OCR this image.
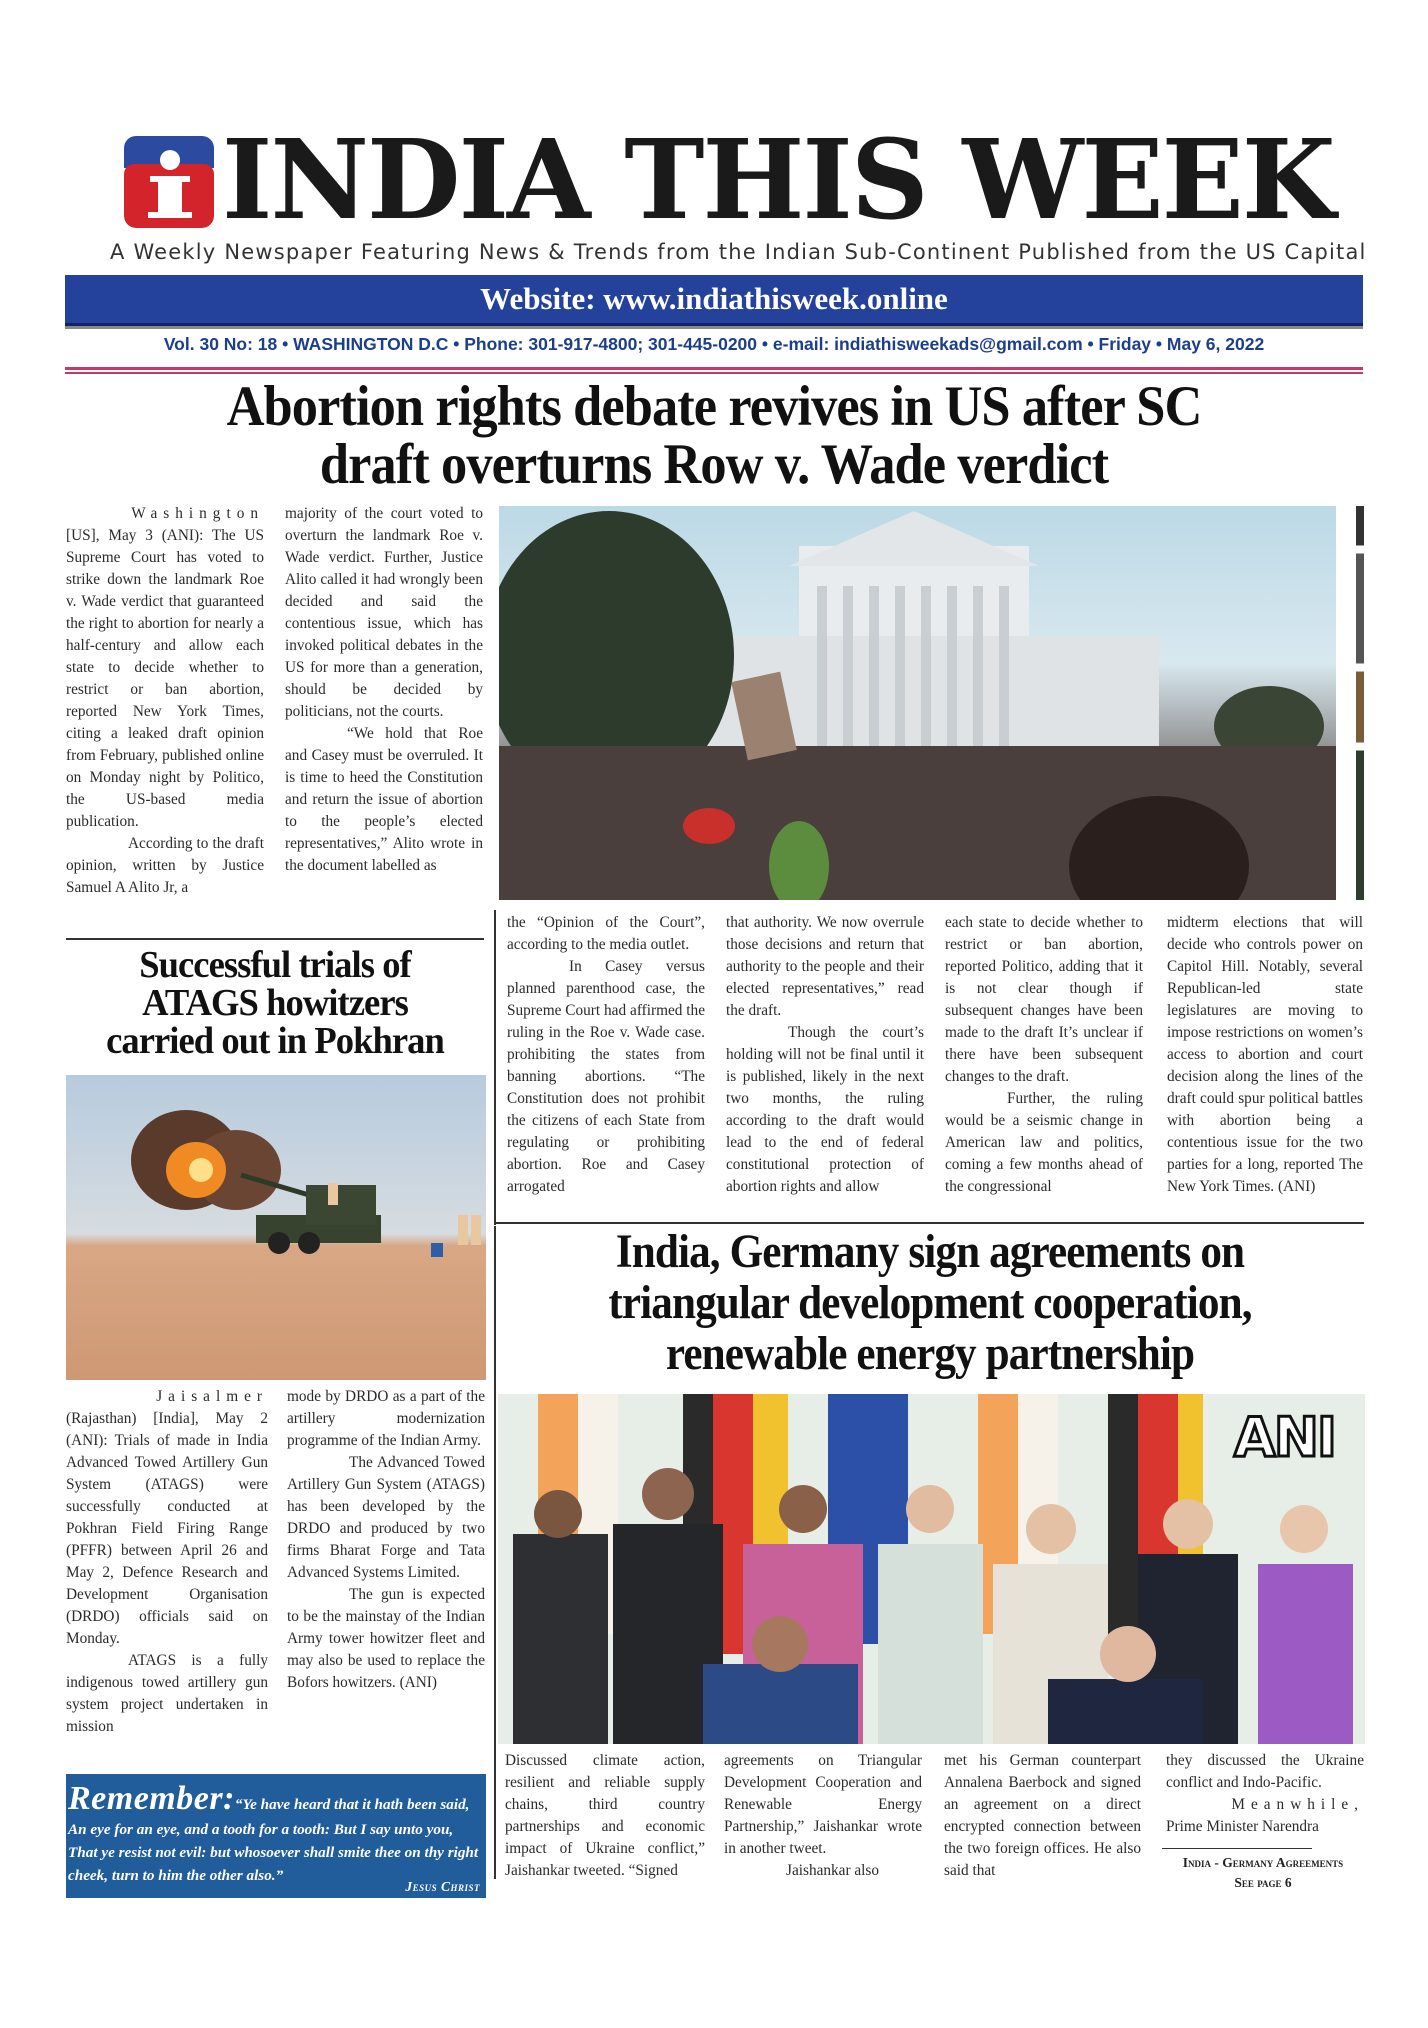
INDIA THIS WEEK
A Weekly Newspaper Featuring News & Trends from the Indian Sub-Continent Published from the US Capital
Website: www.indiathisweek.online
Vol. 30 No: 18 • WASHINGTON D.C • Phone: 301-917-4800; 301-445-0200 • e-mail: indiathisweekads@gmail.com • Friday • May 6, 2022
Abortion rights debate revives in US after SC
draft overturns Row v. Wade verdict

Washington

[US], May 3 (ANI): The US Supreme Court has voted to strike down the landmark Roe v. Wade verdict that guaranteed the right to abortion for nearly a half-century and allow each state to decide whether to restrict or ban abortion, reported New York Times, citing a leaked draft opinion from February, published online on Monday night by Politico, the US-based media publication.

According to the draft opinion, written by Justice Samuel A Alito Jr, a

majority of the court voted to overturn the landmark Roe v. Wade verdict. Further, Justice Alito called it had wrongly been decided and said the contentious issue, which has invoked political debates in the US for more than a generation, should be decided by politicians, not the courts.

“We hold that Roe and Casey must be overruled. It is time to heed the Constitution and return the issue of abortion to the people’s elected representatives,” Alito wrote in the document labelled as

the “Opinion of the Court”, according to the media outlet.

In Casey versus planned parenthood case, the Supreme Court had affirmed the ruling in the Roe v. Wade case. prohibiting the states from banning abortions. “The Constitution does not prohibit the citizens of each State from regulating or prohibiting abortion. Roe and Casey arrogated

that authority. We now overrule those decisions and return that authority to the people and their elected representatives,” read the draft.

Though the court’s holding will not be final until it is published, likely in the next two months, the ruling according to the draft would lead to the end of federal constitutional protection of abortion rights and allow

each state to decide whether to restrict or ban abortion, reported Politico, adding that it is not clear though if subsequent changes have been made to the draft It’s unclear if there have been subsequent changes to the draft.

Further, the ruling would be a seismic change in American law and politics, coming a few months ahead of the congressional

midterm elections that will decide who controls power on Capitol Hill. Notably, several Republican-led state legislatures are moving to impose restrictions on women’s access to abortion and court decision along the lines of the draft could spur political battles with abortion being a contentious issue for the two parties for a long, reported The New York Times. (ANI)

Successful trials of
ATAGS howitzers
carried out in Pokhran

Jaisalmer

(Rajasthan) [India], May 2 (ANI): Trials of made in India Advanced Towed Artillery Gun System (ATAGS) were successfully conducted at Pokhran Field Firing Range (PFFR) between April 26 and May 2, Defence Research and Development Organisation (DRDO) officials said on Monday.

ATAGS is a fully indigenous towed artillery gun system project undertaken in mission

mode by DRDO as a part of the artillery modernization programme of the Indian Army.

The Advanced Towed Artillery Gun System (ATAGS) has been developed by the DRDO and produced by two firms Bharat Forge and Tata Advanced Systems Limited.

The gun is expected to be the mainstay of the Indian Army tower howitzer fleet and may also be used to replace the Bofors howitzers. (ANI)

Remember:“Ye have heard that it hath been said, An eye for an eye, and a tooth for a tooth: But I say unto you, That ye resist not evil: but whosoever shall smite thee on thy right cheek, turn to him the other also.”
Jesus Christ
India, Germany sign agreements on
triangular development cooperation,
renewable energy partnership
ANI

Discussed climate action, resilient and reliable supply chains, third country partnerships and economic impact of Ukraine conflict,” Jaishankar tweeted. “Signed

agreements on Triangular Development Cooperation and Renewable Energy Partnership,” Jaishankar wrote in another tweet.

Jaishankar also

met his German counterpart Annalena Baerbock and signed an agreement on a direct encrypted connection between the two foreign offices. He also said that

they discussed the Ukraine conflict and Indo-Pacific.

Meanwhile,

Prime Minister Narendra

India - Germany Agreements
See page 6
